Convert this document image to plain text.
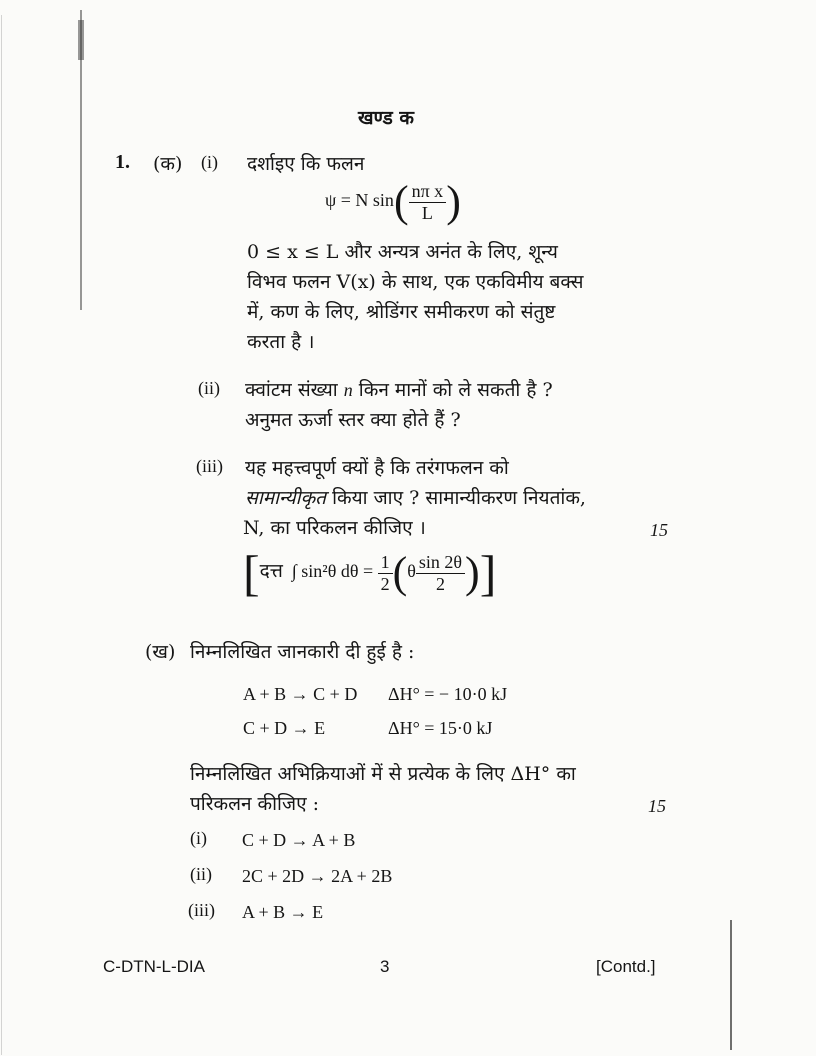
खण्ड क
1. (क) (i) दर्शाइए कि फलन
ψ = N $\sin( \frac{\text{nπ x}}{L}$ )
0 ≤ x ≤ L और अन्यत्र अनंत के लिए, शून्य
विभव फलन V(x) के साथ, एक एकविमीय बक्स
में, कण के लिए, श्रोडिंगर समीकरण को संतुष्ट
करता है ।
(ii) क्वांटम संख्या n किन मानों को ले सकती है ?
अनुमत ऊर्जा स्तर क्या होते हैं ?
(iii) यह महत्त्वपूर्ण क्यों है कि तरंगफलन को
सामान्यीकृत किया जाए ? सामान्यीकरण नियतांक,
N, का परिकलन कीजिए ।	15
[दत्त ∫ sin²θ $d\theta = \frac{1}{2} (\theta \frac{\sin 2\theta}{2}$ )]
(ख) निम्नलिखित जानकारी दी हुई है :
A + B → C + D ΔH° = − 10·0 kJ
C + D → E	ΔH° = 15·0 kJ
निम्नलिखित अभिक्रियाओं में से प्रत्येक के लिए ΔH° का
परिकलन कीजिए :	15
(i) C + D → A + B
(ii) 2C + 2D → 2A + 2B
(iii) A + B → E
C-DTN-L-DIA	3	[Contd.]
